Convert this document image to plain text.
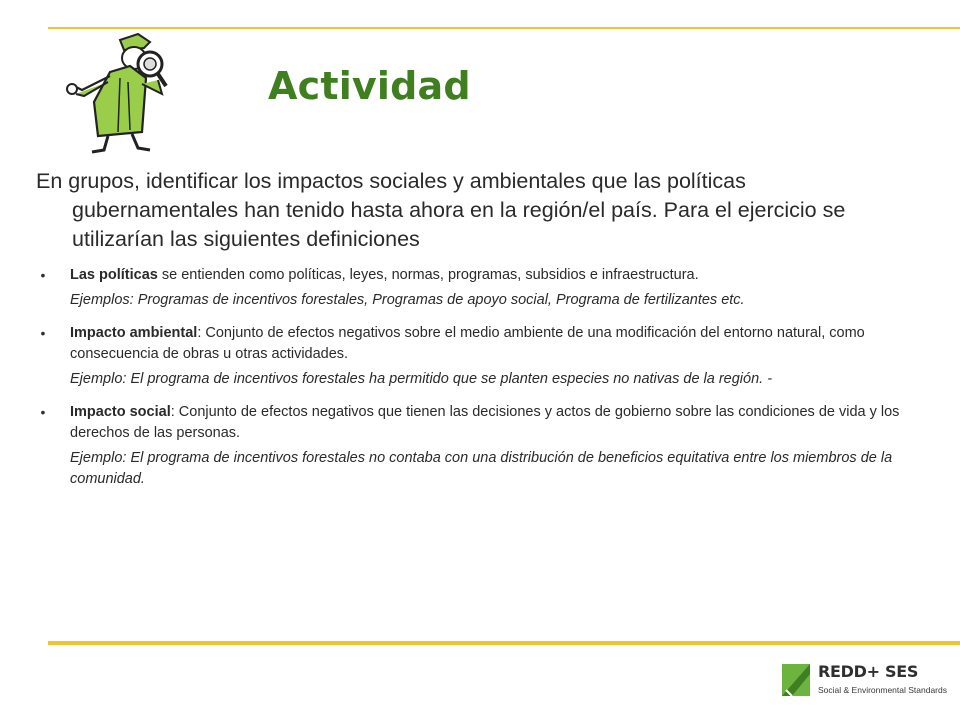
Actividad
En grupos, identificar los impactos sociales y ambientales que las políticas gubernamentales han tenido hasta ahora en la región/el país. Para el ejercicio se utilizarían las siguientes definiciones
•	Las políticas se entienden como políticas, leyes, normas, programas, subsidios e infraestructura.
Ejemplos: Programas de incentivos forestales, Programas de apoyo social, Programa de fertilizantes etc.
•	Impacto ambiental: Conjunto de efectos negativos sobre el medio ambiente de una modificación del entorno natural, como consecuencia de obras u otras actividades.
Ejemplo: El programa de incentivos forestales ha permitido que se planten especies no nativas de la región. -
•	Impacto social: Conjunto de efectos negativos que tienen las decisiones y actos de gobierno sobre las condiciones de vida y los derechos de las personas.
Ejemplo: El programa de incentivos forestales no contaba con una distribución de beneficios equitativa entre los miembros de la comunidad.
REDD+ SES
Social & Environmental Standards
